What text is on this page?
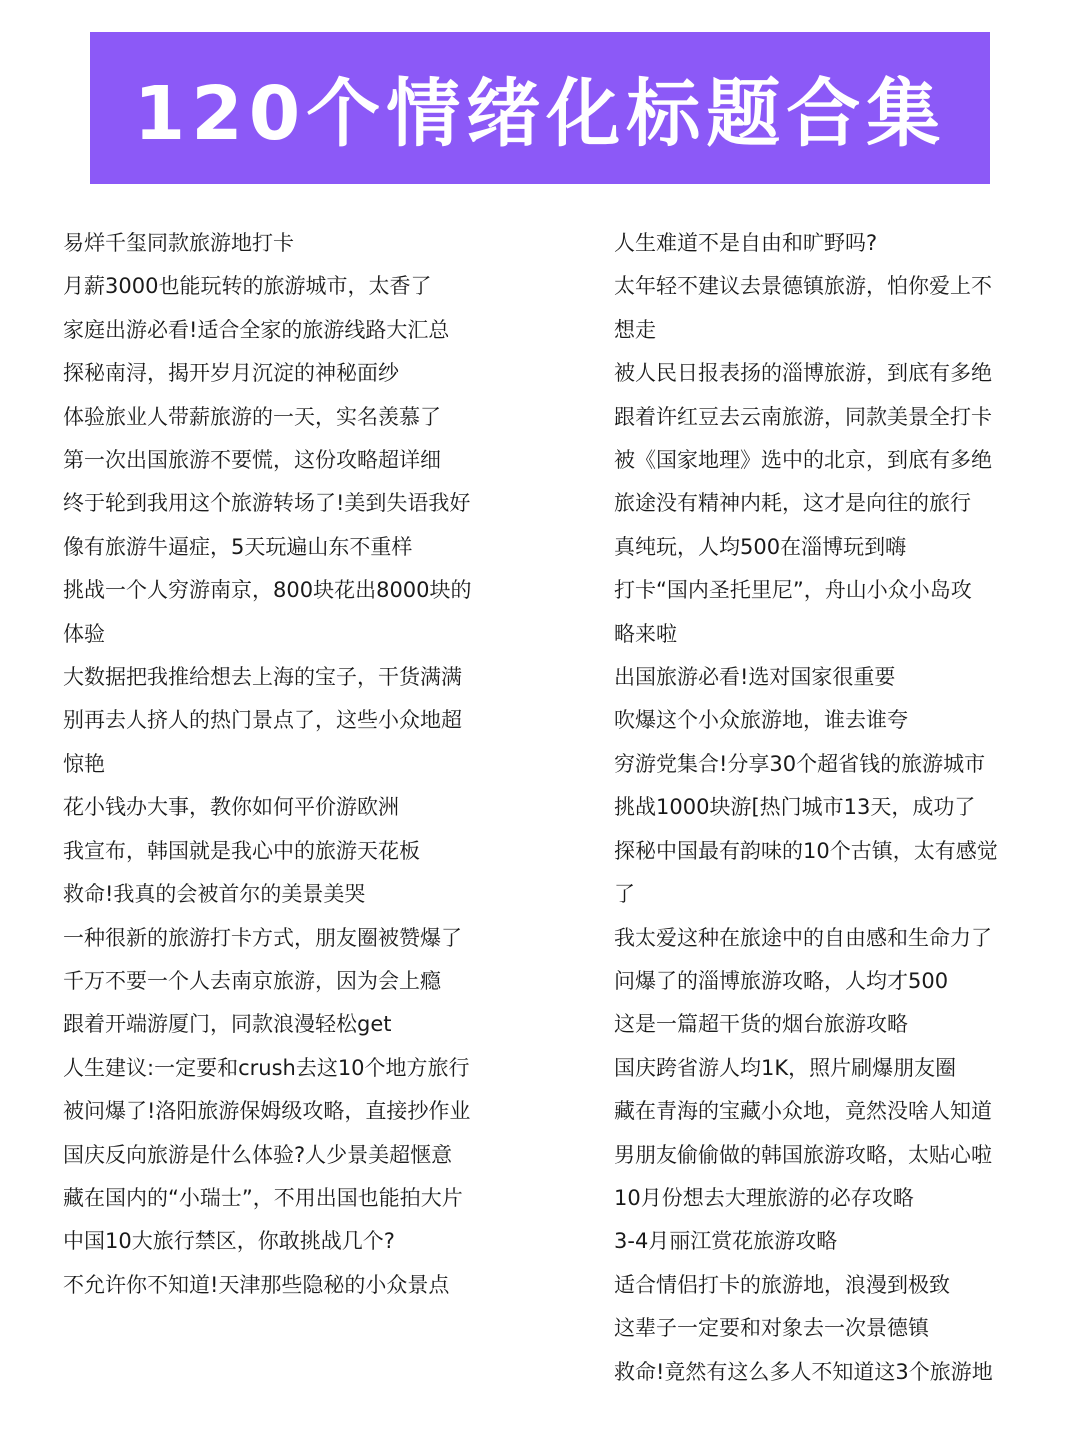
120个情绪化标题合集
易烊千玺同款旅游地打卡
月薪3000也能玩转的旅游城市，太香了
家庭出游必看!适合全家的旅游线路大汇总
探秘南浔，揭开岁月沉淀的神秘面纱
体验旅业人带薪旅游的一天，实名羡慕了
第一次出国旅游不要慌，这份攻略超详细
终于轮到我用这个旅游转场了!美到失语我好
像有旅游牛逼症，5天玩遍山东不重样
挑战一个人穷游南京，800块花出8000块的
体验
大数据把我推给想去上海的宝子，干货满满
别再去人挤人的热门景点了，这些小众地超
惊艳
花小钱办大事，教你如何平价游欧洲
我宣布，韩国就是我心中的旅游天花板
救命!我真的会被首尔的美景美哭
一种很新的旅游打卡方式，朋友圈被赞爆了
千万不要一个人去南京旅游，因为会上瘾
跟着开端游厦门，同款浪漫轻松get
人生建议:一定要和crush去这10个地方旅行
被问爆了!洛阳旅游保姆级攻略，直接抄作业
国庆反向旅游是什么体验?人少景美超惬意
藏在国内的“小瑞士”，不用出国也能拍大片
中国10大旅行禁区，你敢挑战几个?
不允许你不知道!天津那些隐秘的小众景点
人生难道不是自由和旷野吗?
太年轻不建议去景德镇旅游，怕你爱上不
想走
被人民日报表扬的淄博旅游，到底有多绝
跟着许红豆去云南旅游，同款美景全打卡
被《国家地理》选中的北京，到底有多绝
旅途没有精神内耗，这才是向往的旅行
真纯玩，人均500在淄博玩到嗨
打卡“国内圣托里尼”，舟山小众小岛攻
略来啦
出国旅游必看!选对国家很重要
吹爆这个小众旅游地，谁去谁夸
穷游党集合!分享30个超省钱的旅游城市
挑战1000块游[热门城市13天，成功了
探秘中国最有韵味的10个古镇，太有感觉
了
我太爱这种在旅途中的自由感和生命力了
问爆了的淄博旅游攻略，人均才500
这是一篇超干货的烟台旅游攻略
国庆跨省游人均1K，照片刷爆朋友圈
藏在青海的宝藏小众地，竟然没啥人知道
男朋友偷偷做的韩国旅游攻略，太贴心啦
10月份想去大理旅游的必存攻略
3-4月丽江赏花旅游攻略
适合情侣打卡的旅游地，浪漫到极致
这辈子一定要和对象去一次景德镇
救命!竟然有这么多人不知道这3个旅游地
